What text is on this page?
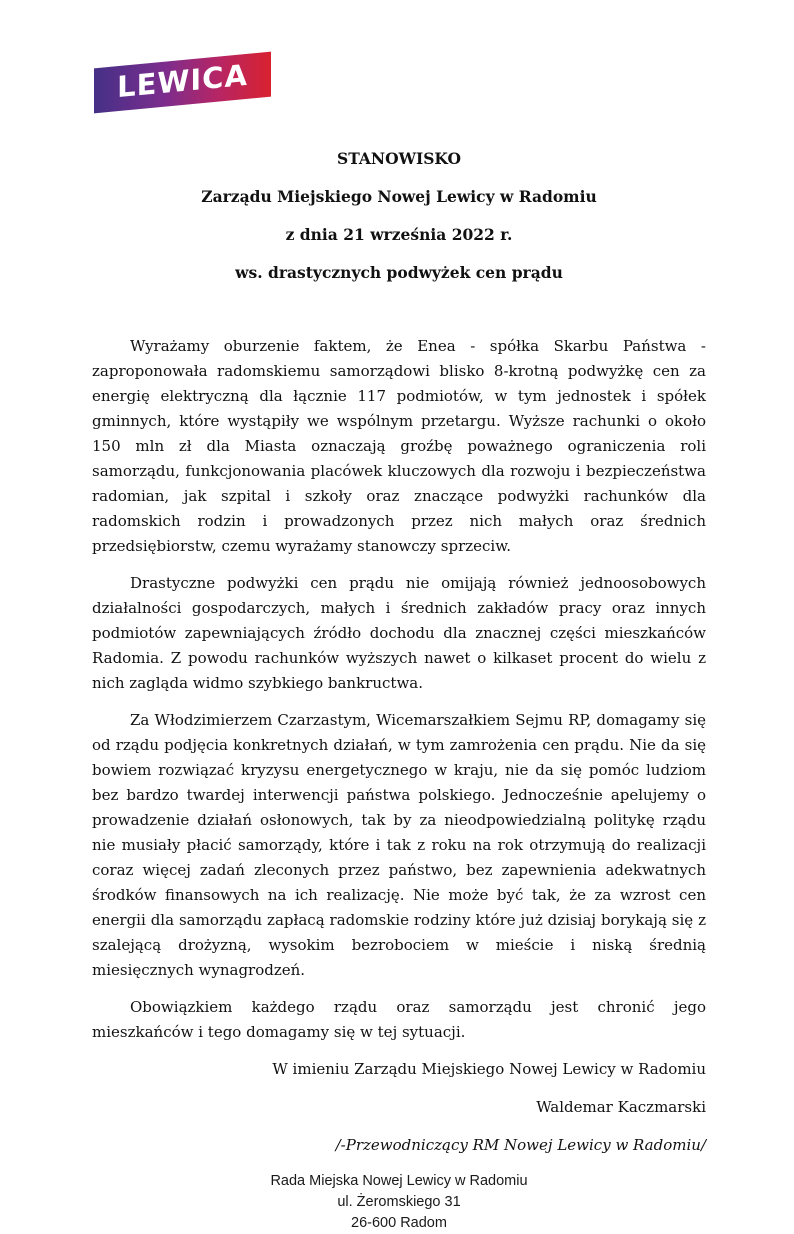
LEWICA

STANOWISKO

Zarządu Miejskiego Nowej Lewicy w Radomiu

z dnia 21 września 2022 r.

ws. drastycznych podwyżek cen prądu

Wyrażamy oburzenie faktem, że Enea - spółka Skarbu Państwa - zaproponowała radomskiemu samorządowi blisko 8-krotną podwyżkę cen za energię elektryczną dla łącznie 117 podmiotów, w tym jednostek i spółek gminnych, które wystąpiły we wspólnym przetargu. Wyższe rachunki o około 150 mln zł dla Miasta oznaczają groźbę poważnego ograniczenia roli samorządu, funkcjonowania placówek kluczowych dla rozwoju i bezpieczeństwa radomian, jak szpital i szkoły oraz znaczące podwyżki rachunków dla radomskich rodzin i prowadzonych przez nich małych oraz średnich przedsiębiorstw, czemu wyrażamy stanowczy sprzeciw.

Drastyczne podwyżki cen prądu nie omijają również jednoosobowych działalności gospodarczych, małych i średnich zakładów pracy oraz innych podmiotów zapewniających źródło dochodu dla znacznej części mieszkańców Radomia. Z powodu rachunków wyższych nawet o kilkaset procent do wielu z nich zagląda widmo szybkiego bankructwa.

Za Włodzimierzem Czarzastym, Wicemarszałkiem Sejmu RP, domagamy się od rządu podjęcia konkretnych działań, w tym zamrożenia cen prądu. Nie da się bowiem rozwiązać kryzysu energetycznego w kraju, nie da się pomóc ludziom bez bardzo twardej interwencji państwa polskiego. Jednocześnie apelujemy o prowadzenie działań osłonowych, tak by za nieodpowiedzialną politykę rządu nie musiały płacić samorządy, które i tak z roku na rok otrzymują do realizacji coraz więcej zadań zleconych przez państwo, bez zapewnienia adekwatnych środków finansowych na ich realizację. Nie może być tak, że za wzrost cen energii dla samorządu zapłacą radomskie rodziny które już dzisiaj borykają się z szalejącą drożyzną, wysokim bezrobociem w mieście i niską średnią miesięcznych wynagrodzeń.

Obowiązkiem każdego rządu oraz samorządu jest chronić jego mieszkańców i tego domagamy się w tej sytuacji.

W imieniu Zarządu Miejskiego Nowej Lewicy w Radomiu

Waldemar Kaczmarski

/-Przewodniczący RM Nowej Lewicy w Radomiu/

Rada Miejska Nowej Lewicy w Radomiu

ul. Żeromskiego 31

26-600 Radom
